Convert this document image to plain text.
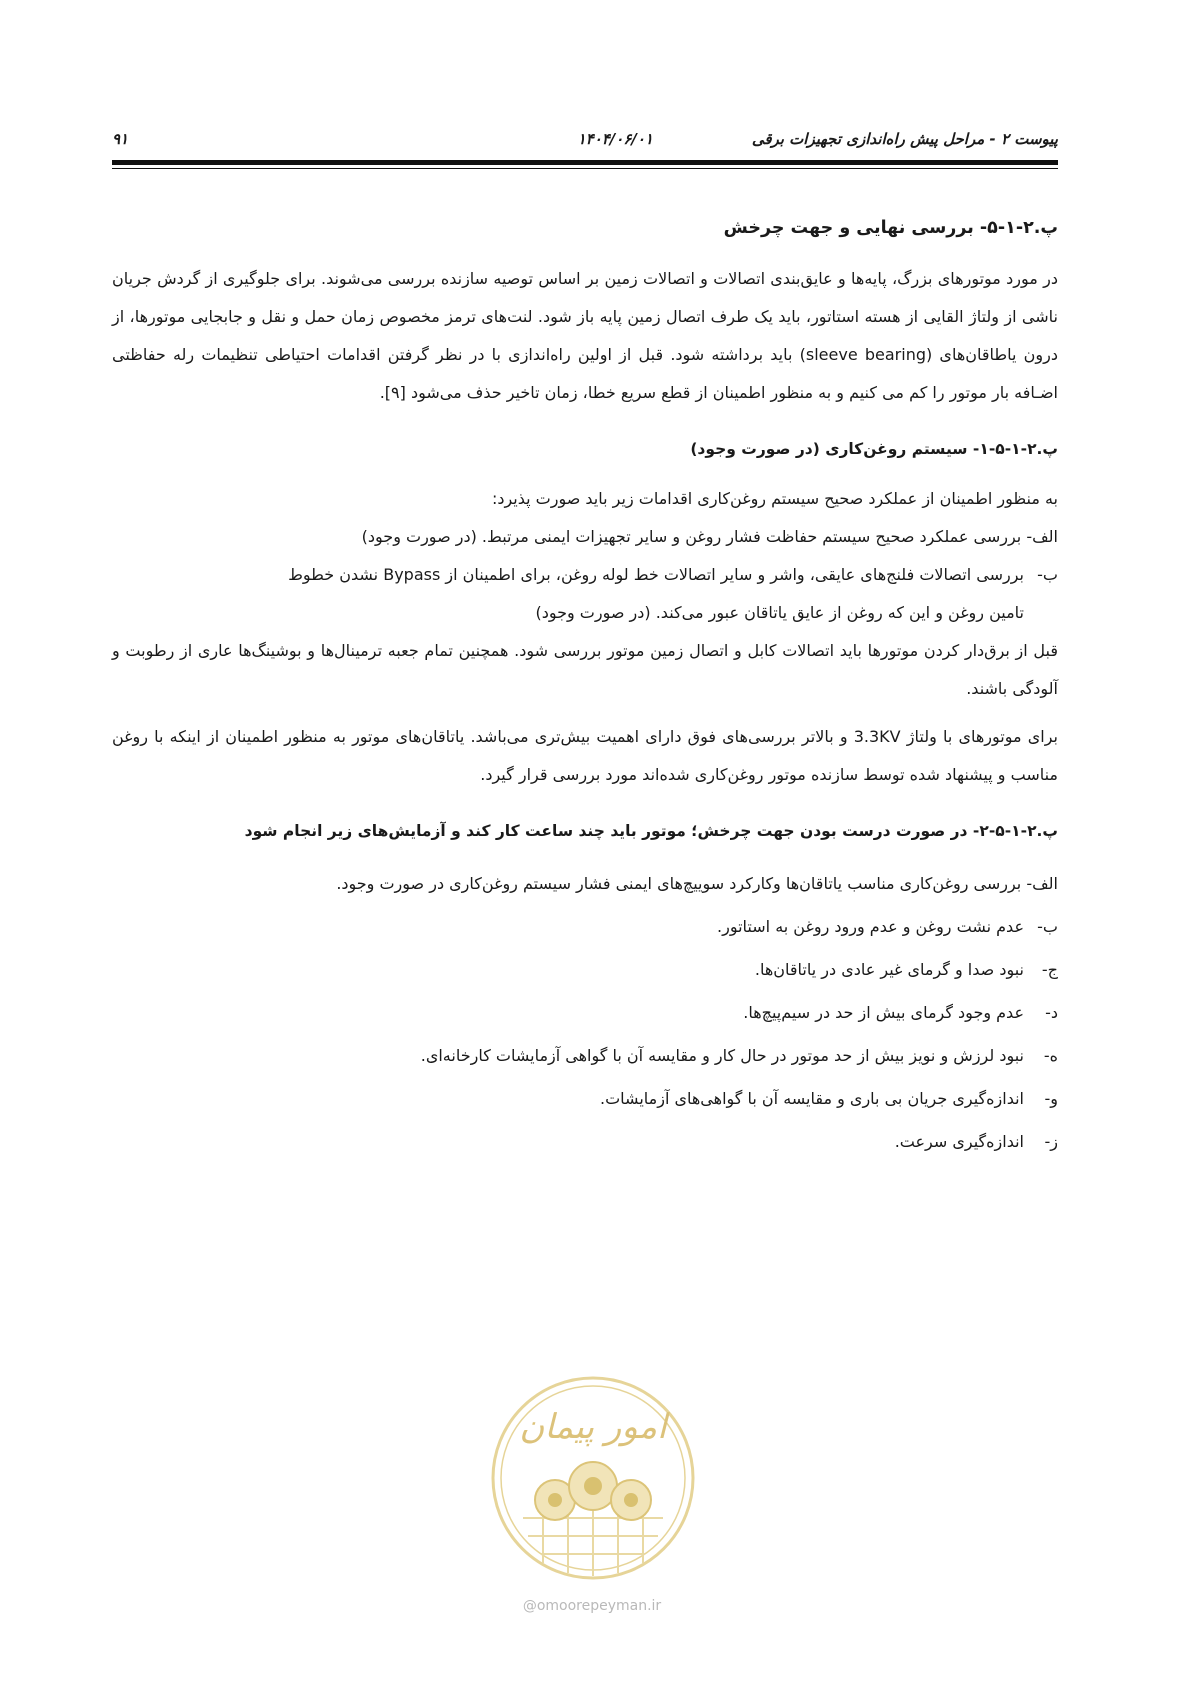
پیوست ۲ - مراحل پیش راه‌اندازی تجهیزات برقی
۱۴۰۴/۰۶/۰۱
۹۱
پ.۲-۱-۵- بررسی نهایی و جهت چرخش
در مورد موتورهای بزرگ، پایه‌ها و عایق‌بندی اتصالات و اتصالات زمین بر اساس توصیه سازنده بررسی می‌شوند. برای جلوگیری از گردش جریان ناشی از ولتاژ القایی از هسته استاتور، باید یک طرف اتصال زمین پایه باز شود. لنت‌های ترمز مخصوص زمان حمل و نقل و جابجایی موتورها، از درون یاطاقان‌های (sleeve bearing) باید برداشته شود. قبل از اولین راه‌اندازی با در نظر گرفتن اقدامات احتیاطی تنظیمات رله حفاظتی اضـافه بار موتور را کم می کنیم و به منظور اطمینان از قطع سریع خطا، زمان تاخیر حذف می‌شود [۹].
پ.۲-۱-۵-۱- سیستم روغن‌کاری (در صورت وجود)
به منظور اطمینان از عملکرد صحیح سیستم روغن‌کاری اقدامات زیر باید صورت پذیرد:
الف- بررسی عملکرد صحیح سیستم حفاظت فشار روغن و سایر تجهیزات ایمنی مرتبط. (در صورت وجود)
ب-بررسی اتصالات فلنج‌های عایقی، واشر و سایر اتصالات خط لوله روغن، برای اطمینان از Bypass نشدن خطوط
تامین روغن و این که روغن از عایق یاتاقان عبور می‌کند. (در صورت وجود)
قبل از برق‌دار کردن موتورها باید اتصالات کابل و اتصال زمین موتور بررسی شود. همچنین تمام جعبه ترمینال‌ها و بوشینگ‌ها عاری از رطوبت و آلودگی باشند.
برای موتورهای با ولتاژ 3.3KV و بالاتر بررسی‌های فوق دارای اهمیت بیش‌تری می‌باشد. یاتاقان‌های موتور به منظور اطمینان از اینکه با روغن مناسب و پیشنهاد شده توسط سازنده موتور روغن‌کاری شده‌اند مورد بررسی قرار گیرد.
پ.۲-۱-۵-۲- در صورت درست بودن جهت چرخش؛ موتور باید چند ساعت کار کند و آزمایش‌های زیر انجام شود
الف- بررسی روغن‌کاری مناسب یاتاقان‌ها وکارکرد سوییچ‌های ایمنی فشار سیستم روغن‌کاری در صورت وجود.
ب-عدم نشت روغن و عدم ورود روغن به استاتور.
ج-نبود صدا و گرمای غیر عادی در یاتاقان‌ها.
د-عدم وجود گرمای بیش از حد در سیم‌پیچ‌ها.
ه-نبود لرزش و نویز بیش از حد موتور در حال کار و مقایسه آن با گواهی آزمایشات کارخانه‌ای.
و-اندازه‌گیری جریان بی باری و مقایسه آن با گواهی‌های آزمایشات.
ز-اندازه‌گیری سرعت.
امور پیمان
@omoorepeyman.ir
